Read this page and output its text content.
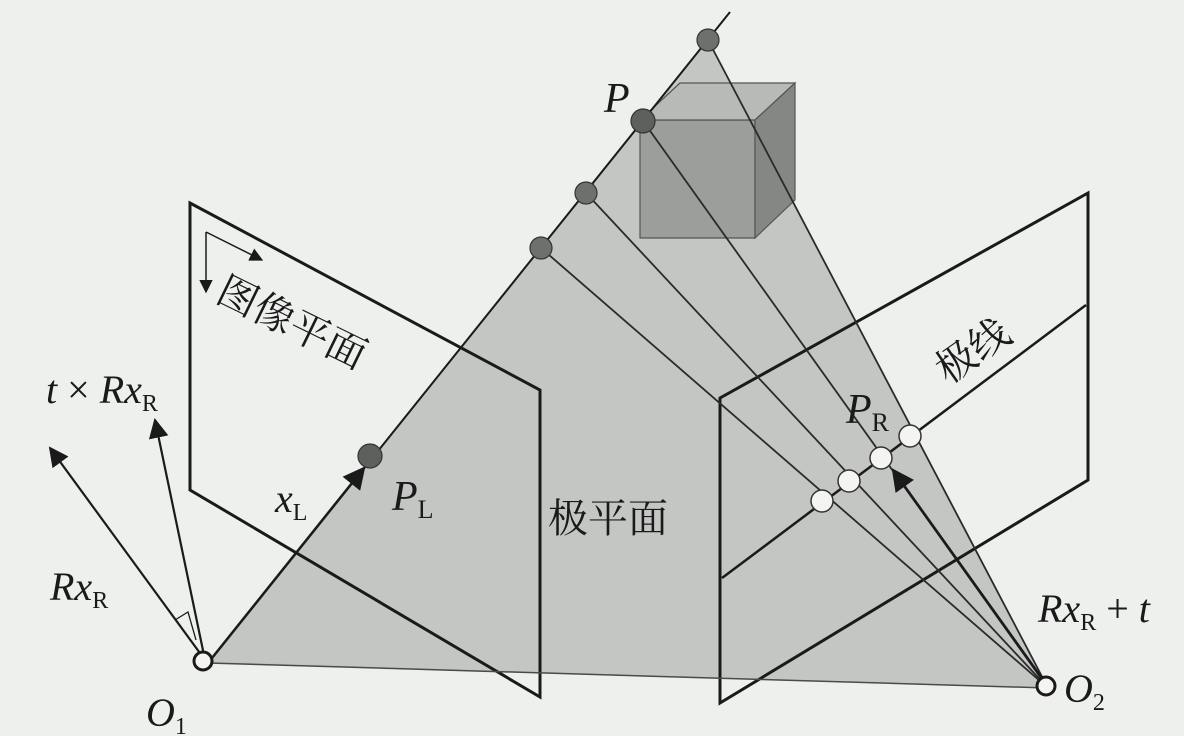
P
图像平面	极线
极平面
PR
PL
$x_L$
$t \times Rx_R$
$Rx_R$	$Rx_R + t$
$O_1$
$O_2$
